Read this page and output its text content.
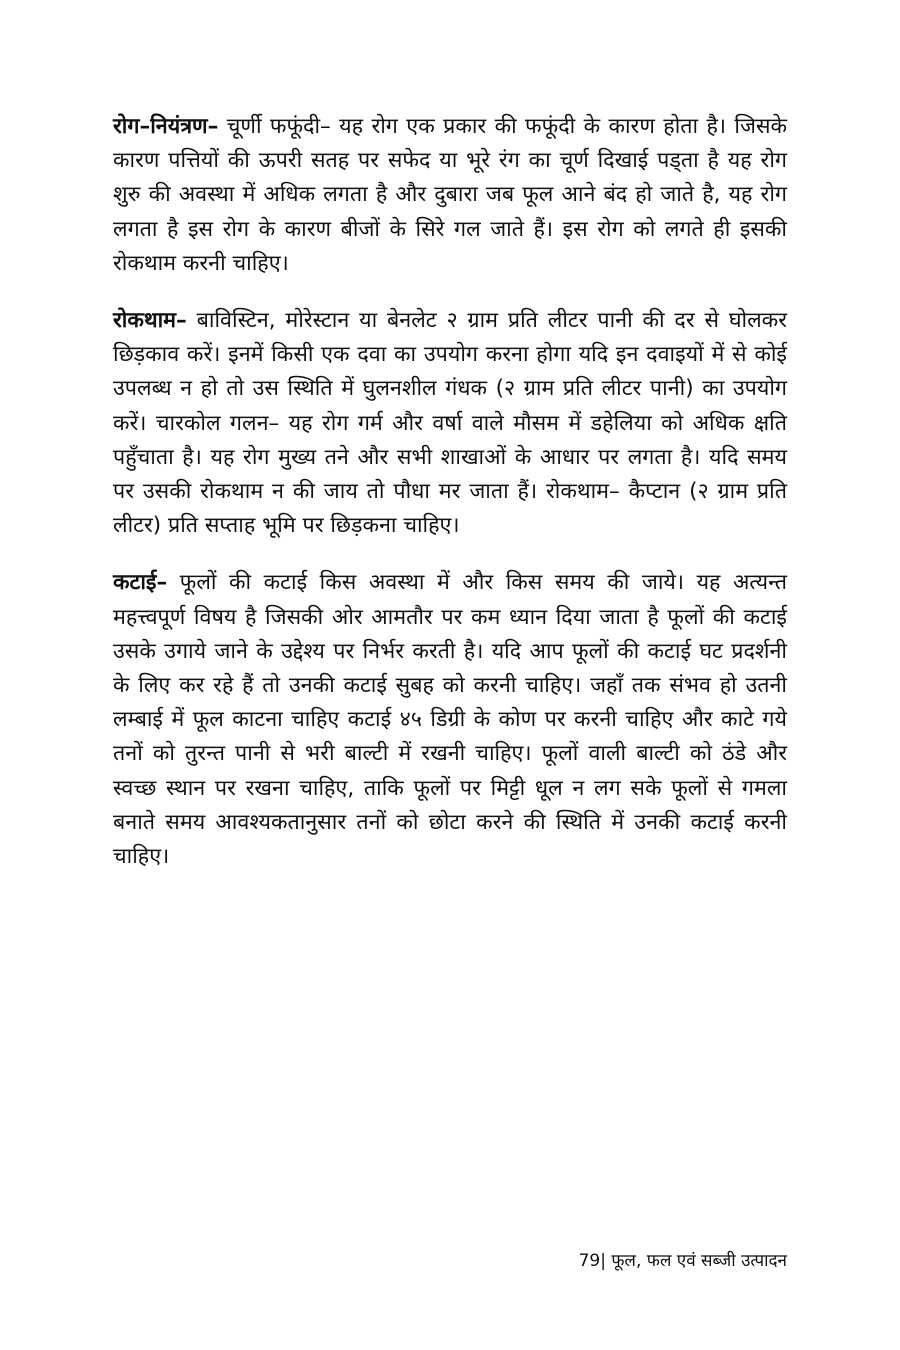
रोग–नियंत्रण– चूर्णी फफूंदी– यह रोग एक प्रकार की फफूंदी के कारण होता है। जिसके कारण पत्तियों की ऊपरी सतह पर सफेद या भूरे रंग का चूर्ण दिखाई पड्ता है यह रोग शुरु की अवस्था में अधिक लगता है और दुबारा जब फूल आने बंद हो जाते है, यह रोग लगता है इस रोग के कारण बीजों के सिरे गल जाते हैं। इस रोग को लगते ही इसकी रोकथाम करनी चाहिए।

रोकथाम– बाविस्टिन, मोरेस्टान या बेनलेट २ ग्राम प्रति लीटर पानी की दर से घोलकर छिड़काव करें। इनमें किसी एक दवा का उपयोग करना होगा यदि इन दवाइयों में से कोई उपलब्ध न हो तो उस स्थिति में घुलनशील गंधक (२ ग्राम प्रति लीटर पानी) का उपयोग करें। चारकोल गलन– यह रोग गर्म और वर्षा वाले मौसम में डहेलिया को अधिक क्षति पहुँचाता है। यह रोग मुख्य तने और सभी शाखाओं के आधार पर लगता है। यदि समय पर उसकी रोकथाम न की जाय तो पौधा मर जाता हैं। रोकथाम– कैप्टान (२ ग्राम प्रति लीटर) प्रति सप्ताह भूमि पर छिड़कना चाहिए।

कटाई– फूलों की कटाई किस अवस्था में और किस समय की जाये। यह अत्यन्त महत्त्वपूर्ण विषय है जिसकी ओर आमतौर पर कम ध्यान दिया जाता है फूलों की कटाई उसके उगाये जाने के उद्देश्य पर निर्भर करती है। यदि आप फूलों की कटाई घट प्रदर्शनी के लिए कर रहे हैं तो उनकी कटाई सुबह को करनी चाहिए। जहाँ तक संभव हो उतनी लम्बाई में फूल काटना चाहिए कटाई ४५ डिग्री के कोण पर करनी चाहिए और काटे गये तनों को तुरन्त पानी से भरी बाल्टी में रखनी चाहिए। फूलों वाली बाल्टी को ठंडे और स्वच्छ स्थान पर रखना चाहिए, ताकि फूलों पर मिट्टी धूल न लग सके फूलों से गमला बनाते समय आवश्यकतानुसार तनों को छोटा करने की स्थिति में उनकी कटाई करनी चाहिए।

79| फूल, फल एवं सब्जी उत्पादन
